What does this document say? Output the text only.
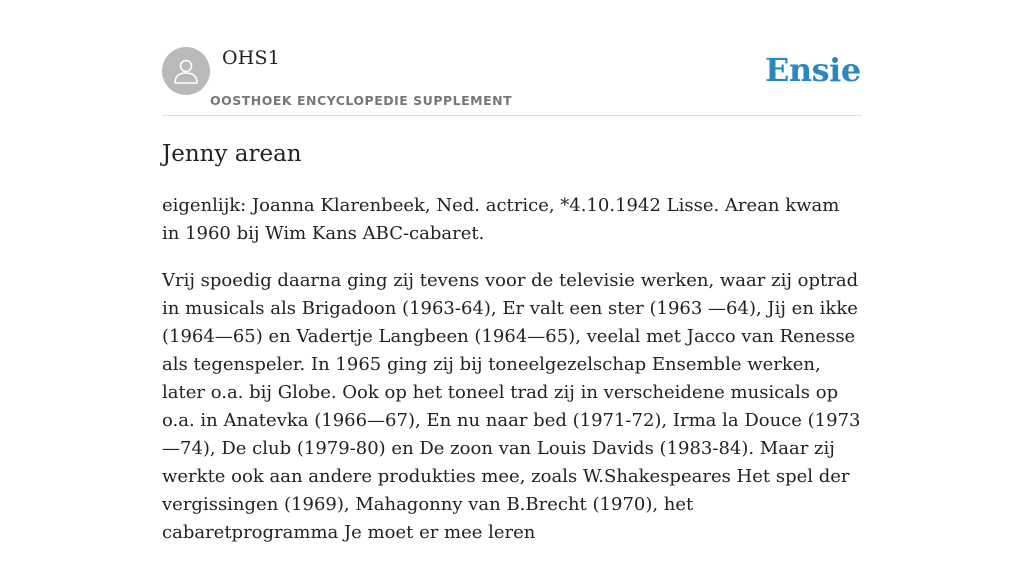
OHS1
OOSTHOEK ENCYCLOPEDIE SUPPLEMENT
Ensie
Jenny arean

eigenlijk: Joanna Klarenbeek, Ned. actrice, *4.10.1942 Lisse. Arean kwam in 1960 bij Wim Kans ABC-cabaret.

Vrij spoedig daarna ging zij tevens voor de televisie werken, waar zij optrad in musicals als Brigadoon (1963-64), Er valt een ster (1963 —64), Jij en ikke (1964—65) en Vadertje Langbeen (1964—65), veelal met Jacco van Renesse als tegenspeler. In 1965 ging zij bij toneelgezelschap Ensemble werken, later o.a. bij Globe. Ook op het toneel trad zij in verscheidene musicals op o.a. in Anatevka (1966—67), En nu naar bed (1971-72), Irma la Douce (1973—74), De club (1979-80) en De zoon van Louis Davids (1983-84). Maar zij werkte ook aan andere produkties mee, zoals W.Shakespeares Het spel der vergissingen (1969), Mahagonny van B.Brecht (1970), het cabaretprogramma Je moet er mee leren
